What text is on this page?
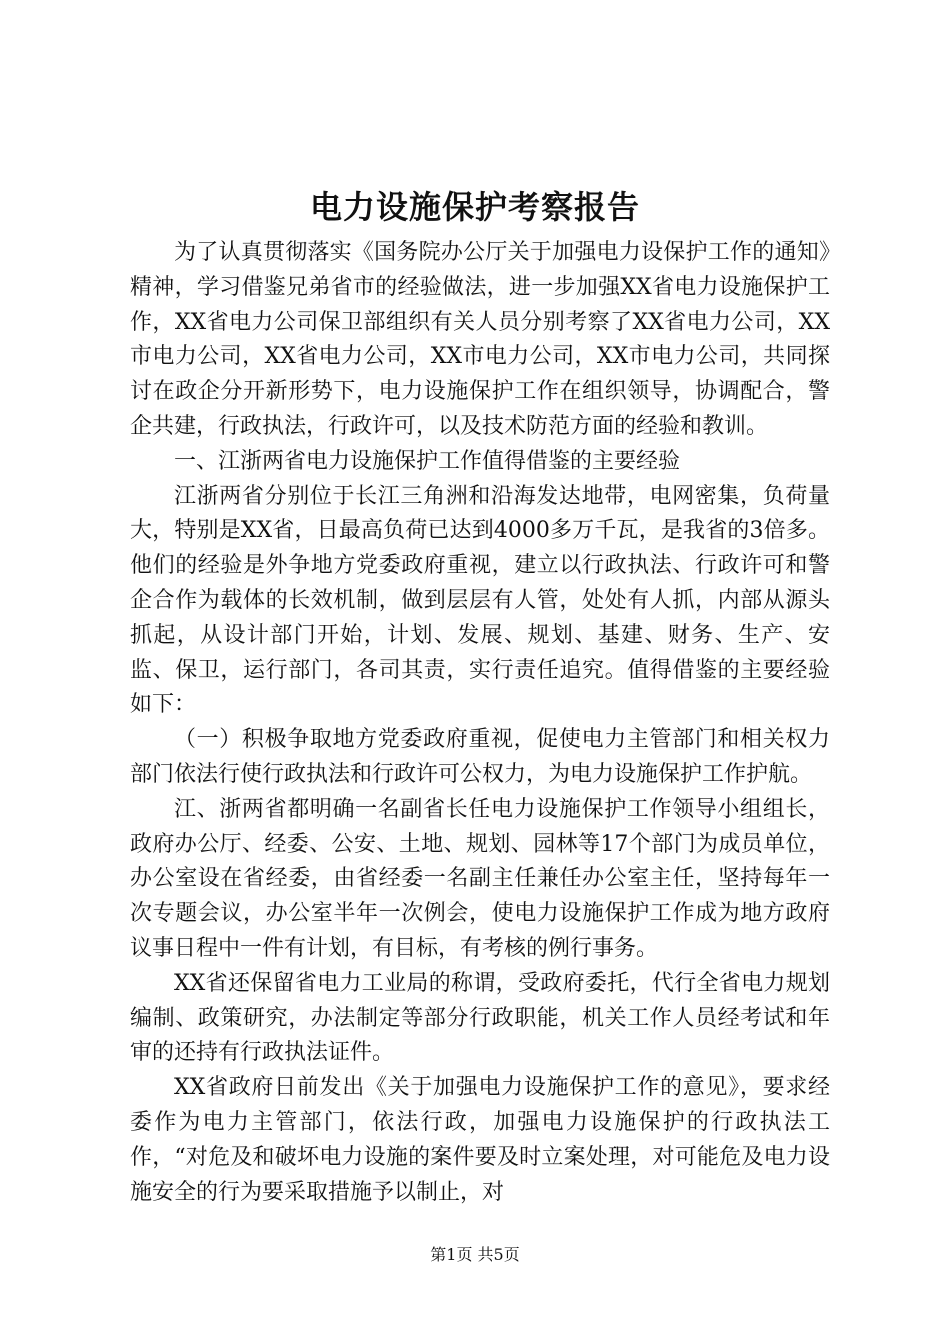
电力设施保护考察报告

为了认真贯彻落实《国务院办公厅关于加强电力设保护工作的通知》精神，学习借鉴兄弟省市的经验做法，进一步加强XX省电力设施保护工作，XX省电力公司保卫部组织有关人员分别考察了XX省电力公司，XX市电力公司，XX省电力公司，XX市电力公司，XX市电力公司，共同探讨在政企分开新形势下，电力设施保护工作在组织领导，协调配合，警企共建，行政执法，行政许可，以及技术防范方面的经验和教训。

一、江浙两省电力设施保护工作值得借鉴的主要经验

江浙两省分别位于长江三角洲和沿海发达地带，电网密集，负荷量大，特别是XX省，日最高负荷已达到4000多万千瓦，是我省的3倍多。他们的经验是外争地方党委政府重视，建立以行政执法、行政许可和警企合作为载体的长效机制，做到层层有人管，处处有人抓，内部从源头抓起，从设计部门开始，计划、发展、规划、基建、财务、生产、安监、保卫，运行部门，各司其责，实行责任追究。值得借鉴的主要经验如下：

（一）积极争取地方党委政府重视，促使电力主管部门和相关权力部门依法行使行政执法和行政许可公权力，为电力设施保护工作护航。

江、浙两省都明确一名副省长任电力设施保护工作领导小组组长，政府办公厅、经委、公安、土地、规划、园林等17个部门为成员单位，办公室设在省经委，由省经委一名副主任兼任办公室主任，坚持每年一次专题会议，办公室半年一次例会，使电力设施保护工作成为地方政府议事日程中一件有计划，有目标，有考核的例行事务。

XX省还保留省电力工业局的称谓，受政府委托，代行全省电力规划编制、政策研究，办法制定等部分行政职能，机关工作人员经考试和年审的还持有行政执法证件。

XX省政府日前发出《关于加强电力设施保护工作的意见》，要求经委作为电力主管部门，依法行政，加强电力设施保护的行政执法工作，“对危及和破坏电力设施的案件要及时立案处理，对可能危及电力设施安全的行为要采取措施予以制止，对

第1页 共5页
